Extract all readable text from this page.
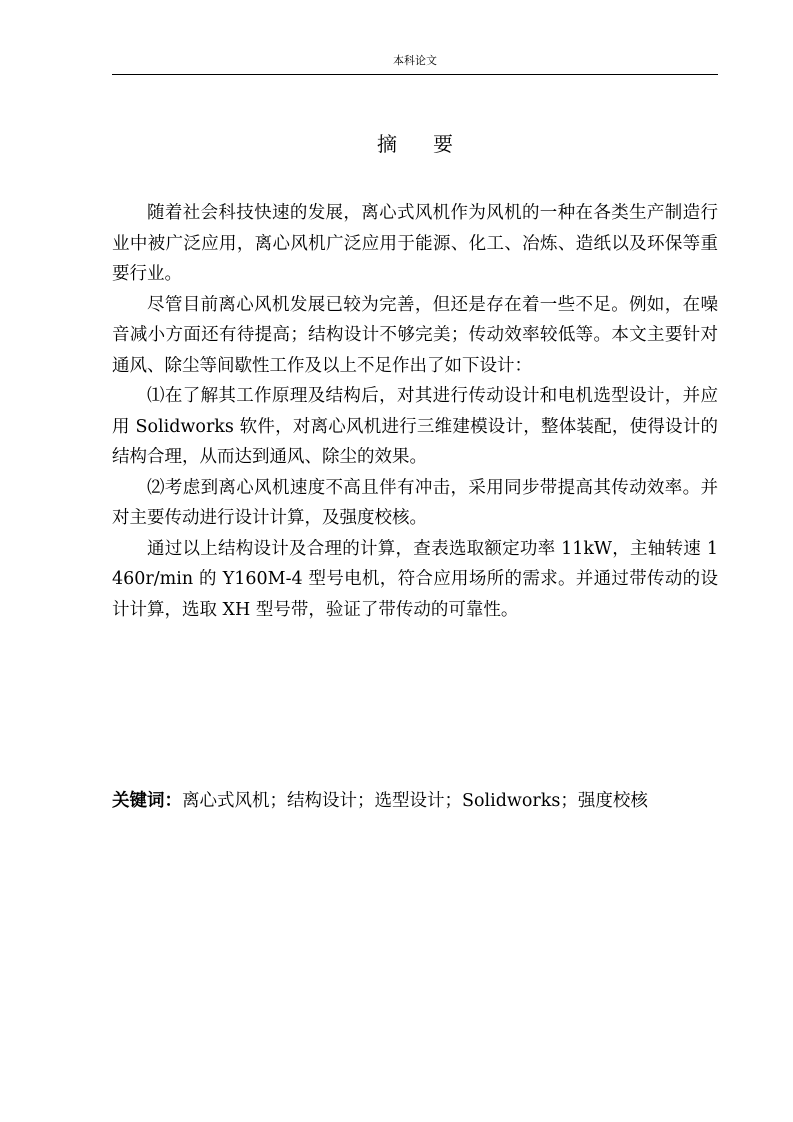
本科论文
摘要

随着社会科技快速的发展，离心式风机作为风机的一种在各类生产制造行业中被广泛应用，离心风机广泛应用于能源、化工、冶炼、造纸以及环保等重要行业。

尽管目前离心风机发展已较为完善，但还是存在着一些不足。例如，在噪音减小方面还有待提高；结构设计不够完美；传动效率较低等。本文主要针对通风、除尘等间歇性工作及以上不足作出了如下设计：

⑴在了解其工作原理及结构后，对其进行传动设计和电机选型设计，并应用 Solidworks 软件，对离心风机进行三维建模设计，整体装配，使得设计的结构合理，从而达到通风、除尘的效果。

⑵考虑到离心风机速度不高且伴有冲击，采用同步带提高其传动效率。并对主要传动进行设计计算，及强度校核。

通过以上结构设计及合理的计算，查表选取额定功率 11kW，主轴转速 1460r/min 的 Y160M-4 型号电机，符合应用场所的需求。并通过带传动的设计计算，选取 XH 型号带，验证了带传动的可靠性。

关键词：离心式风机；结构设计；选型设计；Solidworks；强度校核
